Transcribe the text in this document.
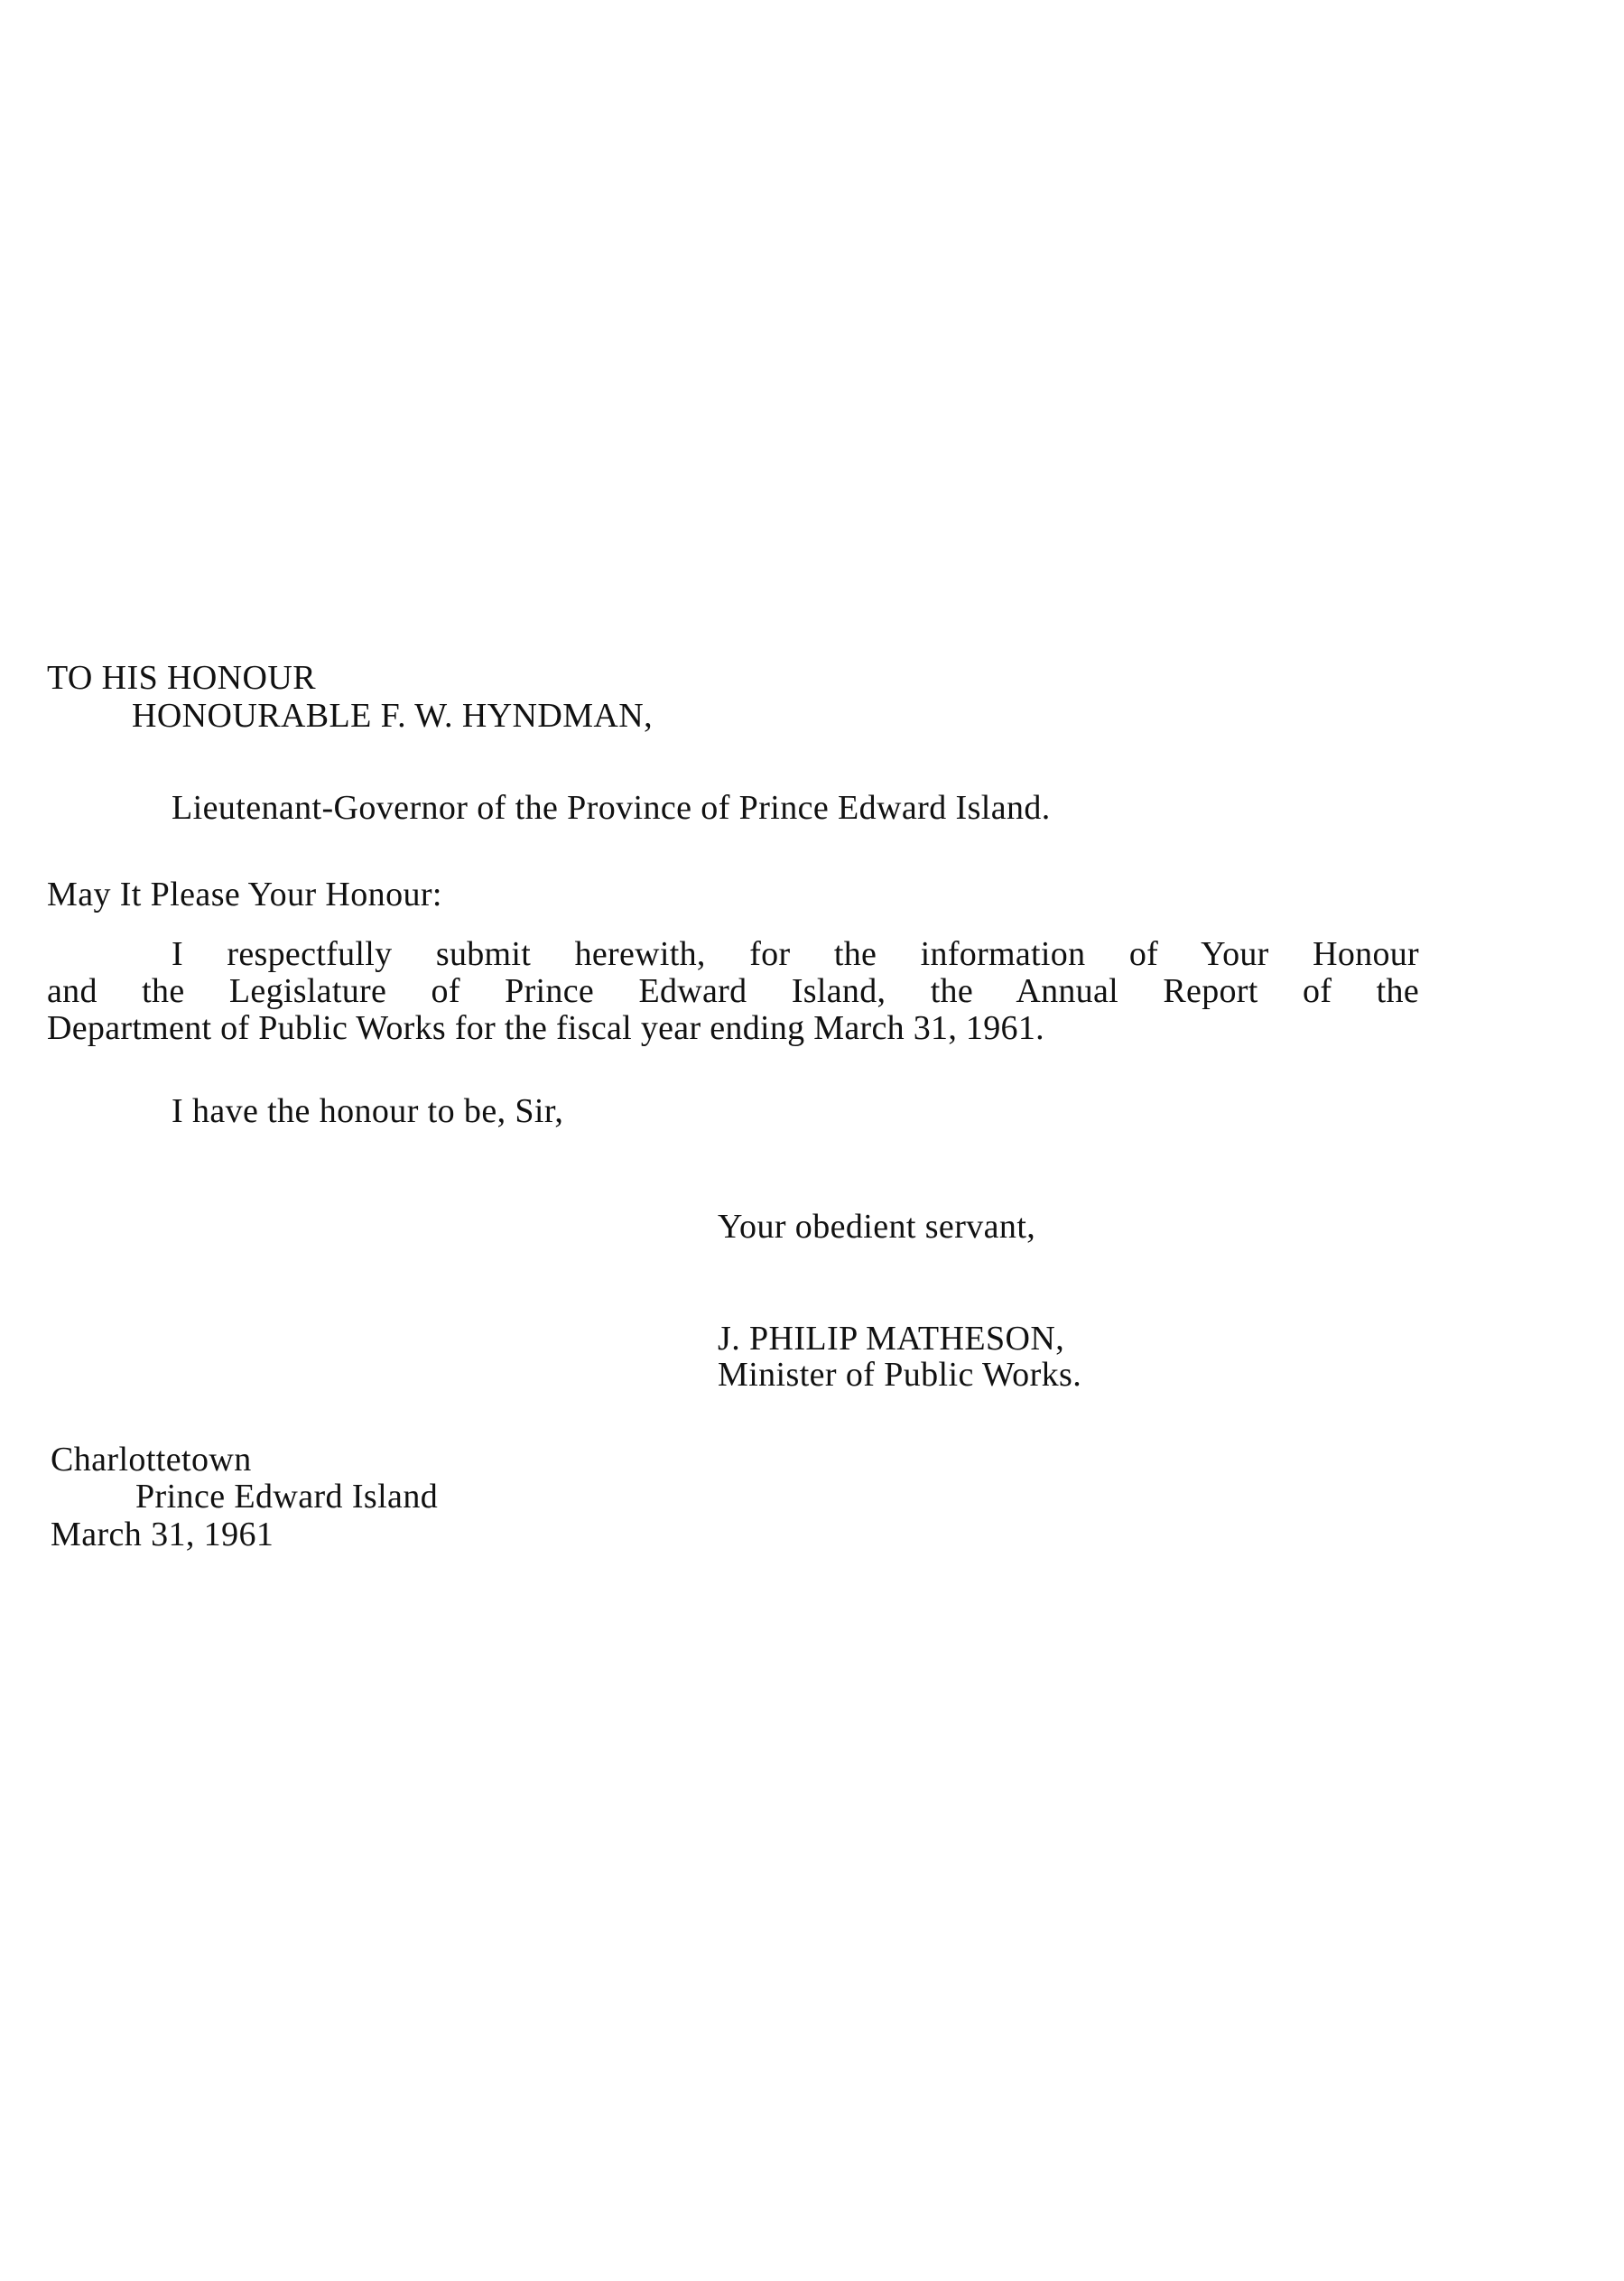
TO HIS HONOUR
HONOURABLE F. W. HYNDMAN,
Lieutenant-Governor of the Province of Prince Edward Island.
May It Please Your Honour:
I respectfully submit herewith, for the information of Your Honour
and the Legislature of Prince Edward Island, the Annual Report of the
Department of Public Works for the fiscal year ending March 31, 1961.
I have the honour to be, Sir,
Your obedient servant,
J. PHILIP MATHESON,
Minister of Public Works.
Charlottetown
Prince Edward Island
March 31, 1961
